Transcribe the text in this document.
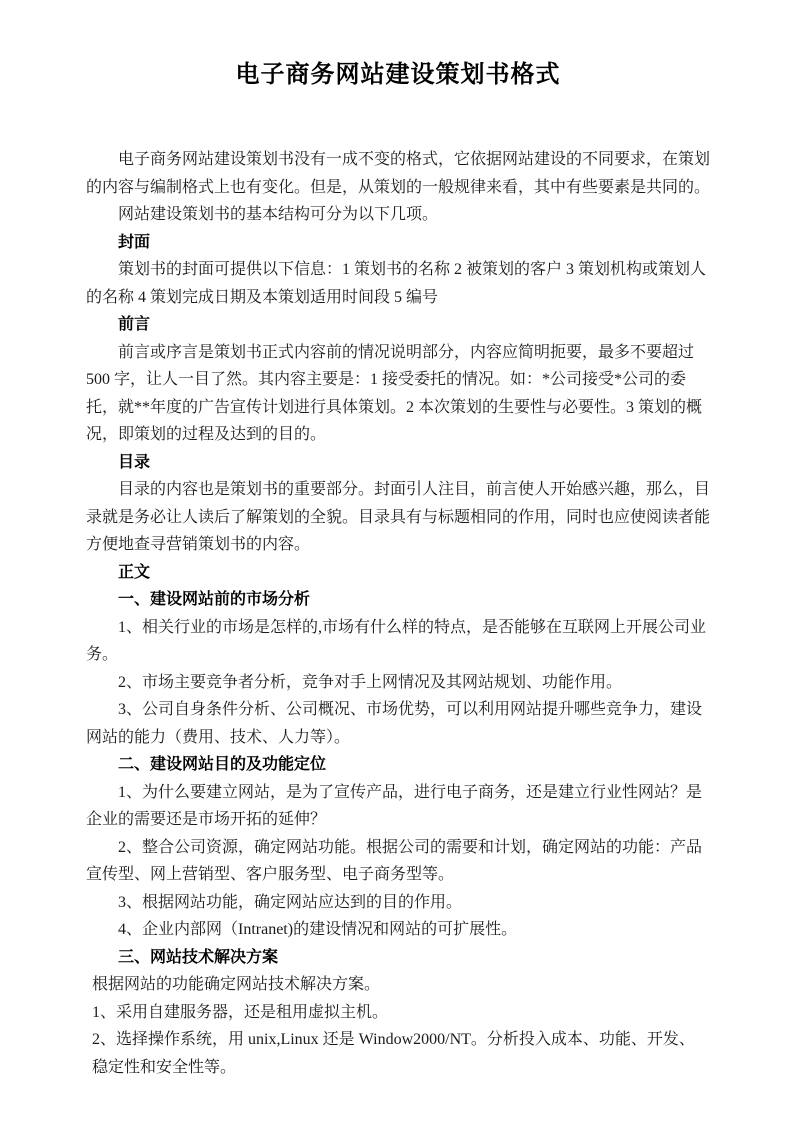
电子商务网站建设策划书格式

电子商务网站建设策划书没有一成不变的格式，它依据网站建设的不同要求，在策划的内容与编制格式上也有变化。但是，从策划的一般规律来看，其中有些要素是共同的。

网站建设策划书的基本结构可分为以下几项。

封面

策划书的封面可提供以下信息：1 策划书的名称 2 被策划的客户 3 策划机构或策划人的名称 4 策划完成日期及本策划适用时间段 5 编号

前言

前言或序言是策划书正式内容前的情况说明部分，内容应简明扼要，最多不要超过 500 字，让人一目了然。其内容主要是：1 接受委托的情况。如：*公司接受*公司的委托，就**年度的广告宣传计划进行具体策划。2 本次策划的生要性与必要性。3 策划的概况，即策划的过程及达到的目的。

目录

目录的内容也是策划书的重要部分。封面引人注目，前言使人开始感兴趣，那么，目录就是务必让人读后了解策划的全貌。目录具有与标题相同的作用，同时也应使阅读者能方便地查寻营销策划书的内容。

正文

一、建设网站前的市场分析

1、相关行业的市场是怎样的,市场有什么样的特点，是否能够在互联网上开展公司业务。

2、市场主要竞争者分析，竞争对手上网情况及其网站规划、功能作用。

3、公司自身条件分析、公司概况、市场优势，可以利用网站提升哪些竞争力，建设网站的能力（费用、技术、人力等）。

二、建设网站目的及功能定位

1、为什么要建立网站，是为了宣传产品，进行电子商务，还是建立行业性网站？是企业的需要还是市场开拓的延伸？

2、整合公司资源，确定网站功能。根据公司的需要和计划，确定网站的功能：产品宣传型、网上营销型、客户服务型、电子商务型等。

3、根据网站功能，确定网站应达到的目的作用。

4、企业内部网（Intranet)的建设情况和网站的可扩展性。

三、网站技术解决方案

根据网站的功能确定网站技术解决方案。

1、采用自建服务器，还是租用虚拟主机。

2、选择操作系统，用 unix,Linux 还是 Window2000/NT。分析投入成本、功能、开发、稳定性和安全性等。
